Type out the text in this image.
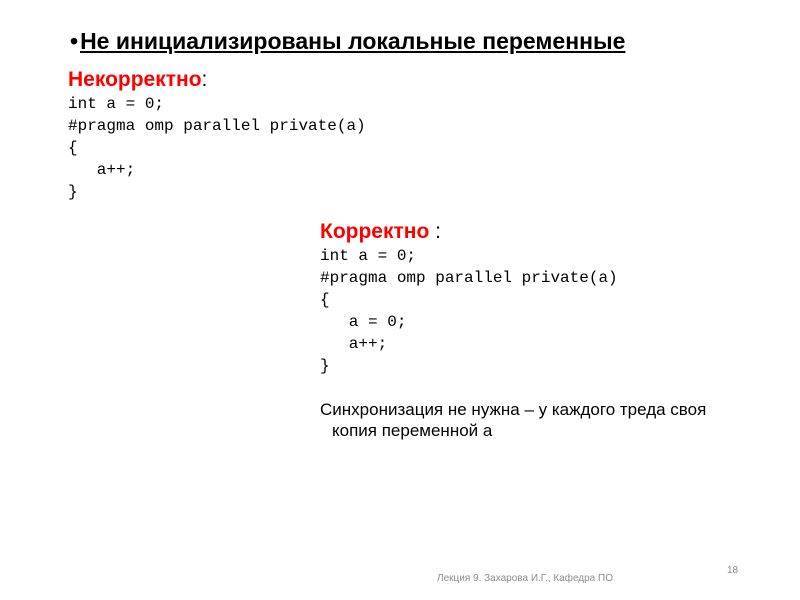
•Не инициализированы локальные переменные
Некорректно:
int a = 0;
#pragma omp parallel private(a)
{
a++;
}
Корректно :
int a = 0;
#pragma omp parallel private(a)
{
a = 0;
a++;
}
Синхронизация не нужна – у каждого треда своя
копия переменной a
Лекция 9. Захарова И.Г., Кафедра ПО
18
